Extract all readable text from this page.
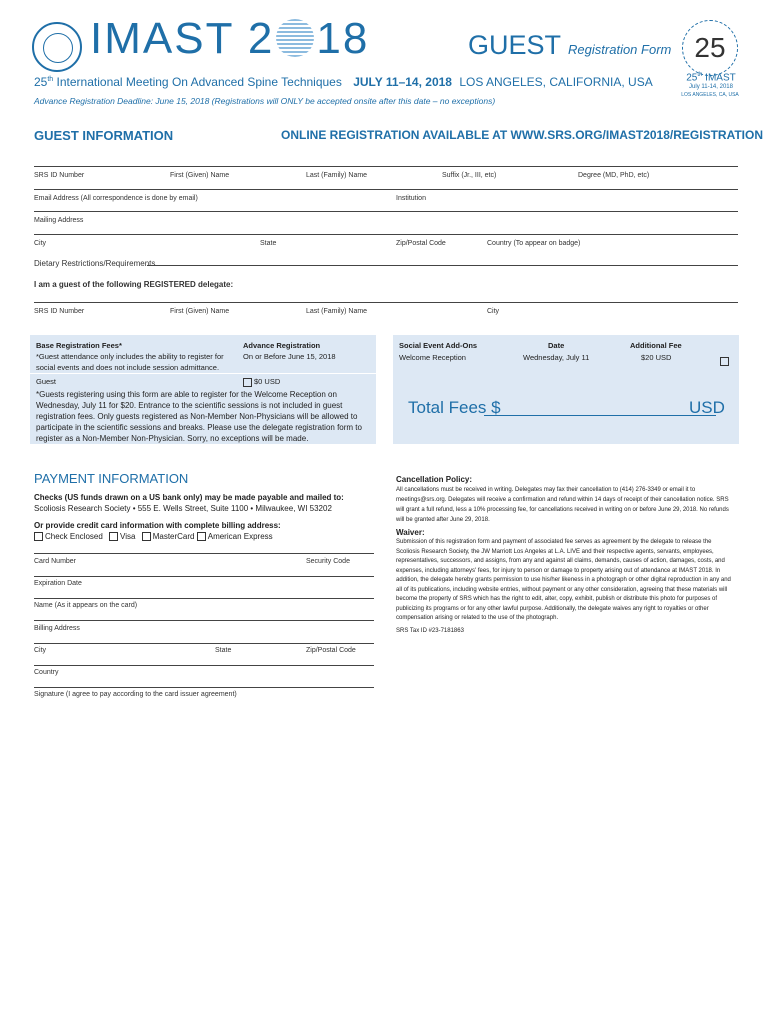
IMAST 2 18	GUEST Registration Form 25
25th IMAST
July 11-14, 2018
LOS ANGELES, CA, USA
25th International Meeting On Advanced Spine Techniques JULY 11–14, 2018 LOS ANGELES, CALIFORNIA, USA
Advance Registration Deadline: June 15, 2018 (Registrations will ONLY be accepted onsite after this date – no exceptions)
GUEST INFORMATION	ONLINE REGISTRATION AVAILABLE AT WWW.SRS.ORG/IMAST2018/REGISTRATION
SRS ID Number	First (Given) Name	Last (Family) Name	Suffix (Jr., III, etc)	Degree (MD, PhD, etc)
Email Address (All correspondence is done by email)	Institution
Mailing Address
City	State	Zip/Postal Code	Country (To appear on badge)
Dietary Restrictions/Requirements
I am a guest of the following REGISTERED delegate:
SRS ID Number	First (Given) Name	Last (Family) Name	City
Base Registration Fees*
*Guest attendance only includes the ability to register for social events and does not include session admittance.
Advance Registration
On or Before June 15, 2018
Guest	$0 USD
*Guests registering using this form are able to register for the Welcome Reception on Wednesday, July 11 for $20. Entrance to the scientific sessions is not included in guest registration fees. Only guests registered as Non-Member Non-Physicians will be allowed to participate in the scientific sessions and breaks. Please use the delegate registration form to register as a Non-Member Non-Physician. Sorry, no exceptions will be made.
Social Event Add-Ons	Date	Additional Fee
Welcome Reception	Wednesday, July 11	$20 USD
Total Fees $	USD
PAYMENT INFORMATION
Checks (US funds drawn on a US bank only) may be made payable and mailed to:
Scoliosis Research Society • 555 E. Wells Street, Suite 1100 • Milwaukee, WI 53202
Or provide credit card information with complete billing address:
Check Enclosed Visa MasterCard American Express
Card Number	Security Code
Expiration Date
Name (As it appears on the card)
Billing Address
City	State	Zip/Postal Code
Country
Signature (I agree to pay according to the card issuer agreement)
Cancellation Policy:
All cancellations must be received in writing. Delegates may fax their cancellation to (414) 276-3349 or email it to meetings@srs.org. Delegates will receive a confirmation and refund within 14 days of receipt of their cancellation notice. SRS will grant a full refund, less a 10% processing fee, for cancellations received in writing on or before June 29, 2018. No refunds will be granted after June 29, 2018.
Waiver:
Submission of this registration form and payment of associated fee serves as agreement by the delegate to release the Scoliosis Research Society, the JW Marriott Los Angeles at L.A. LIVE and their respective agents, servants, employees, representatives, successors, and assigns, from any and against all claims, demands, causes of action, damages, costs, and expenses, including attorneys' fees, for injury to person or damage to property arising out of attendance at IMAST 2018. In addition, the delegate hereby grants permission to use his/her likeness in a photograph or other digital reproduction in any and all of its publications, including website entries, without payment or any other consideration, agreeing that these materials will become the property of SRS which has the right to edit, alter, copy, exhibit, publish or distribute this photo for purposes of publicizing its programs or for any other lawful purpose. Additionally, the delegate waives any right to royalties or other compensation arising or related to the use of the photograph.
SRS Tax ID #23-7181863
